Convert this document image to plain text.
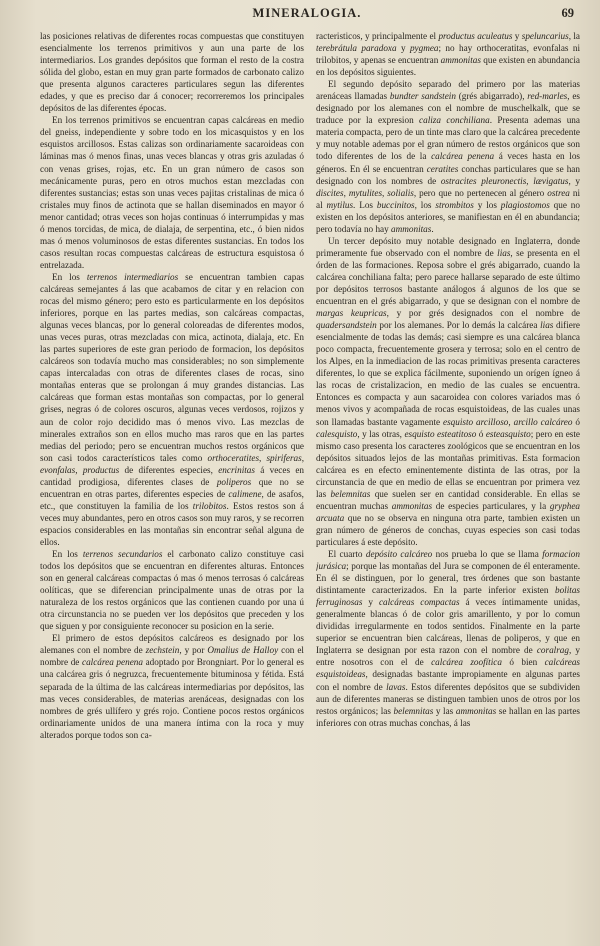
MINERALOGIA.	69

las posiciones relativas de diferentes rocas compuestas que constituyen esencialmente los terrenos primitivos y aun una parte de los intermediarios. Los grandes depósitos que forman el resto de la costra sólida del globo, estan en muy gran parte formados de carbonato calizo que presenta algunos caracteres particulares segun las diferentes edades, y que es preciso dar á conocer; recorreremos los principales depósitos de las diferentes épocas.

En los terrenos primitivos se encuentran capas calcáreas en medio del gneiss, independiente y sobre todo en los micasquistos y en los esquistos arcillosos. Estas calizas son ordinariamente sacaroideas con láminas mas ó menos finas, unas veces blancas y otras gris azuladas ó con venas grises, rojas, etc. En un gran número de casos son mecánicamente puras, pero en otros muchos estan mezcladas con diferentes sustancias; estas son unas veces pajitas cristalinas de mica ó cristales muy finos de actinota que se hallan diseminados en mayor ó menor cantidad; otras veces son hojas continuas ó interrumpidas y mas ó menos torcidas, de mica, de dialaja, de serpentina, etc., ó bien nidos mas ó menos voluminosos de estas diferentes sustancias. En todos los casos resultan rocas compuestas calcáreas de estructura esquistosa ó entrelazada.

En los terrenos intermediarios se encuentran tambien capas calcáreas semejantes á las que acabamos de citar y en relacion con rocas del mismo género; pero esto es particularmente en los depósitos inferiores, porque en las partes medias, son calcáreas compactas, algunas veces blancas, por lo general coloreadas de diferentes modos, unas veces puras, otras mezcladas con mica, actinota, dialaja, etc. En las partes superiores de este gran periodo de formacion, los depósitos calcáreos son todavía mucho mas considerables; no son simplemente capas intercaladas con otras de diferentes clases de rocas, sino montañas enteras que se prolongan á muy grandes distancias. Las calcáreas que forman estas montañas son compactas, por lo general grises, negras ó de colores oscuros, algunas veces verdosos, rojizos y aun de color rojo decidido mas ó menos vivo. Las mezclas de minerales extraños son en ellos mucho mas raros que en las partes medias del periodo; pero se encuentran muchos restos orgánicos que son casi todos característicos tales como orthoceratites, spiriferas, evonfalas, productus de diferentes especies, encrinitas á veces en cantidad prodigiosa, diferentes clases de poliperos que no se encuentran en otras partes, diferentes especies de calimene, de asafos, etc., que constituyen la familia de los trilobitos. Estos restos son á veces muy abundantes, pero en otros casos son muy raros, y se recorren espacios considerables en las montañas sin encontrar señal alguna de ellos.

En los terrenos secundarios el carbonato calizo constituye casi todos los depósitos que se encuentran en diferentes alturas. Entonces son en general calcáreas compactas ó mas ó menos terrosas ó calcáreas oolíticas, que se diferencian principalmente unas de otras por la naturaleza de los restos orgánicos que las contienen cuando por una ú otra circunstancia no se pueden ver los depósitos que preceden y los que siguen y por consiguiente reconocer su posicion en la serie.

El primero de estos depósitos calcáreos es designado por los alemanes con el nombre de zechstein, y por Omalius de Halloy con el nombre de calcárea penena adoptado por Brongniart. Por lo general es una calcárea gris ó negruzca, frecuentemente bituminosa y fétida. Está separada de la última de las calcáreas intermediarias por depósitos, las mas veces considerables, de materias arenáceas, designadas con los nombres de grés ullífero y grés rojo. Contiene pocos restos orgánicos ordinariamente unidos de una manera íntima con la roca y muy alterados porque todos son ca-

racteristicos, y principalmente el productus aculeatus y speluncarius, la terebrátula paradoxa y pygmea; no hay orthoceratitas, evonfalas ni trilobitos, y apenas se encuentran ammonitas que existen en abundancia en los depósitos siguientes.

El segundo depósito separado del primero por las materias arenáceas llamadas bundter sandstein (grés abigarrado), red-marles, es designado por los alemanes con el nombre de muschelkalk, que se traduce por la expresion caliza conchiliana. Presenta ademas una materia compacta, pero de un tinte mas claro que la calcárea precedente y muy notable ademas por el gran número de restos orgánicos que son todo diferentes de los de la calcárea penena á veces hasta en los géneros. En él se encuentran ceratites conchas particulares que se han designado con los nombres de ostracites pleuronectis, lævigatus, y discites, mytulites, solialis, pero que no pertenecen al género ostrea ni al mytilus. Los buccinitos, los strombitos y los plagiostomos que no existen en los depósitos anteriores, se manifiestan en él en abundancia; pero todavía no hay ammonitas.

Un tercer depósito muy notable designado en Inglaterra, donde primeramente fue observado con el nombre de lias, se presenta en el órden de las formaciones. Reposa sobre el grés abigarrado, cuando la calcárea conchiliana falta; pero parece hallarse separado de este último por depósitos terrosos bastante análogos á algunos de los que se encuentran en el grés abigarrado, y que se designan con el nombre de margas keupricas, y por grés designados con el nombre de quadersandstein por los alemanes. Por lo demás la calcárea lias difiere esencialmente de todas las demás; casi siempre es una calcárea blanca poco compacta, frecuentemente grosera y terrosa; solo en el centro de los Alpes, en la inmediacion de las rocas primitivas presenta caracteres diferentes, lo que se explica fácilmente, suponiendo un orígen ígneo á las rocas de cristalizacion, en medio de las cuales se encuentra. Entonces es compacta y aun sacaroidea con colores variados mas ó menos vivos y acompañada de rocas esquistoideas, de las cuales unas son llamadas bastante vagamente esquisto arcilloso, arcillo calcáreo ó calesquisto, y las otras, esquisto esteatitoso ó esteasquisto; pero en este mismo caso presenta los caracteres zoológicos que se encuentran en los depósitos situados lejos de las montañas primitivas. Esta formacion calcárea es en efecto eminentemente distinta de las otras, por la circunstancia de que en medio de ellas se encuentran por primera vez las belemnitas que suelen ser en cantidad considerable. En ellas se encuentran muchas ammonitas de especies particulares, y la gryphea arcuata que no se observa en ninguna otra parte, tambien existen un gran número de géneros de conchas, cuyas especies son casi todas particulares á este depósito.

El cuarto depósito calcáreo nos prueba lo que se llama formacion jurásica; porque las montañas del Jura se componen de él enteramente. En él se distinguen, por lo general, tres órdenes que son bastante distintamente caracterizados. En la parte inferior existen bolitas ferruginosas y calcáreas compactas á veces íntimamente unidas, generalmente blancas ó de color gris amarillento, y por lo comun divididas irregularmente en todos sentidos. Finalmente en la parte superior se encuentran bien calcáreas, llenas de poliperos, y que en Inglaterra se designan por esta razon con el nombre de coralrag, y entre nosotros con el de calcárea zoofítica ó bien calcáreas esquistoideas, designadas bastante impropiamente en algunas partes con el nombre de lavas. Estos diferentes depósitos que se subdividen aun de diferentes maneras se distinguen tambien unos de otros por los restos orgánicos; las belemnitas y las ammonitas se hallan en las partes inferiores con otras muchas conchas, á las
